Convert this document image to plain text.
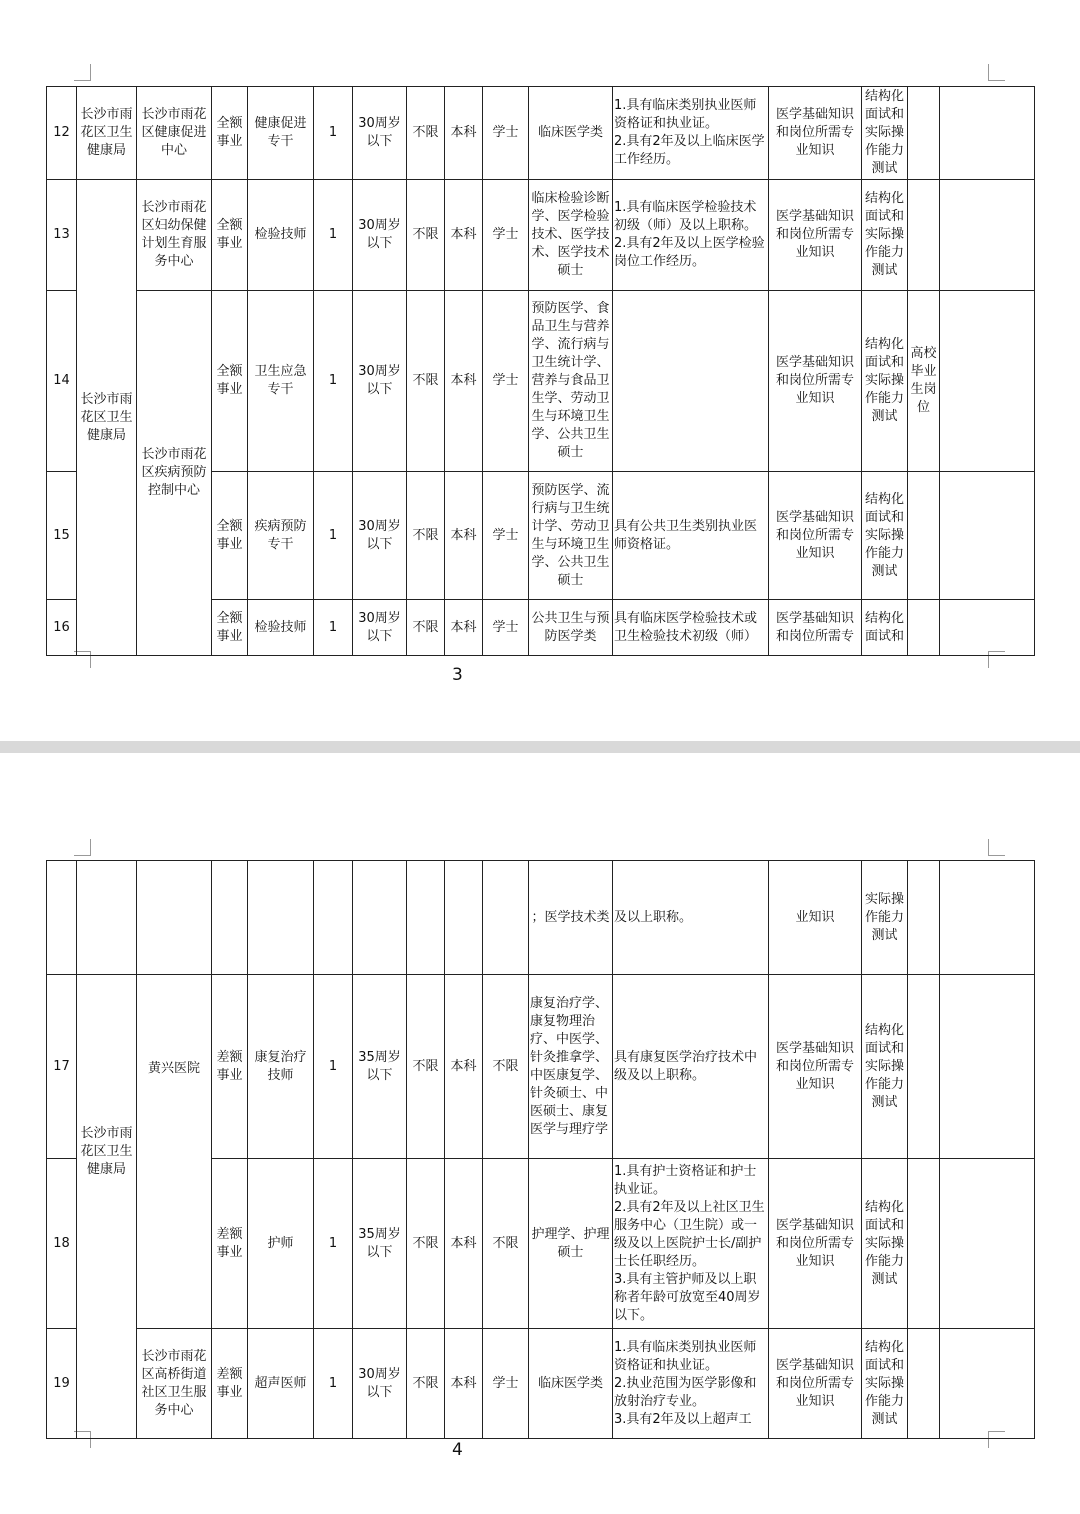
12	长沙市雨花区卫生健康局	长沙市雨花区健康促进中心	全额事业	健康促进专干	1	30周岁以下	不限	本科	学士	临床医学类	1.具有临床类别执业医师资格证和执业证。
2.具有2年及以上临床医学工作经历。	医学基础知识和岗位所需专业知识	结构化面试和实际操作能力测试		
13	长沙市雨花区卫生健康局	长沙市雨花区妇幼保健计划生育服务中心	全额事业	检验技师	1	30周岁以下	不限	本科	学士	临床检验诊断学、医学检验技术、医学技术、医学技术硕士	1.具有临床医学检验技术初级（师）及以上职称。
2.具有2年及以上医学检验岗位工作经历。	医学基础知识和岗位所需专业知识	结构化面试和实际操作能力测试		
14		长沙市雨花区疾病预防控制中心	全额事业	卫生应急专干	1	30周岁以下	不限	本科	学士	预防医学、食品卫生与营养学、流行病与卫生统计学、营养与食品卫生学、劳动卫生与环境卫生学、公共卫生硕士		医学基础知识和岗位所需专业知识	结构化面试和实际操作能力测试	高校毕业生岗位	
15			全额事业	疾病预防专干	1	30周岁以下	不限	本科	学士	预防医学、流行病与卫生统计学、劳动卫生与环境卫生学、公共卫生硕士	具有公共卫生类别执业医师资格证。	医学基础知识和岗位所需专业知识	结构化面试和实际操作能力测试		
16			全额事业	检验技师	1	30周岁以下	不限	本科	学士	公共卫生与预防医学类	具有临床医学检验技术或卫生检验技术初级（师）	医学基础知识和岗位所需专	结构化面试和		
3
										；医学技术类	及以上职称。	业知识	实际操作能力测试		
17	长沙市雨花区卫生健康局	黄兴医院	差额事业	康复治疗技师	1	35周岁以下	不限	本科	不限	康复治疗学、康复物理治疗、中医学、针灸推拿学、中医康复学、针灸硕士、中医硕士、康复医学与理疗学	具有康复医学治疗技术中级及以上职称。	医学基础知识和岗位所需专业知识	结构化面试和实际操作能力测试		
18			差额事业	护师	1	35周岁以下	不限	本科	不限	护理学、护理硕士	1.具有护士资格证和护士执业证。
2.具有2年及以上社区卫生服务中心（卫生院）或一级及以上医院护士长/副护士长任职经历。
3.具有主管护师及以上职称者年龄可放宽至40周岁以下。	医学基础知识和岗位所需专业知识	结构化面试和实际操作能力测试		
19		长沙市雨花区高桥街道社区卫生服务中心	差额事业	超声医师	1	30周岁以下	不限	本科	学士	临床医学类	1.具有临床类别执业医师资格证和执业证。
2.执业范围为医学影像和放射治疗专业。
3.具有2年及以上超声工	医学基础知识和岗位所需专业知识	结构化面试和实际操作能力测试		
4
